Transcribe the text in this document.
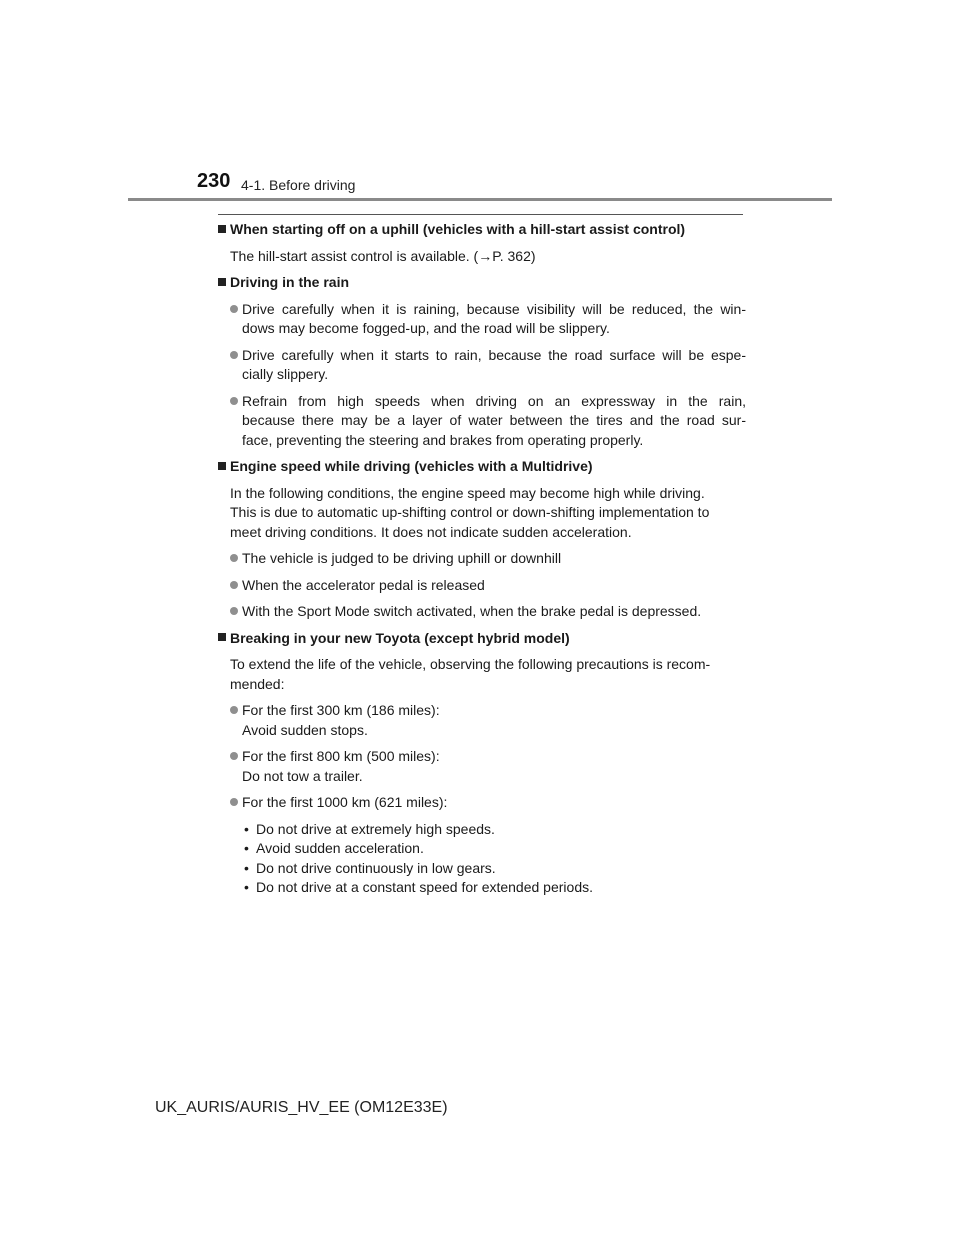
230 4-1. Before driving

When starting off on a uphill (vehicles with a hill-start assist control)

The hill-start assist control is available. (→P. 362)

Driving in the rain

Drive carefully when it is raining, because visibility will be reduced, the win-
dows may become fogged-up, and the road will be slippery.
Drive carefully when it starts to rain, because the road surface will be espe-
cially slippery.
Refrain from high speeds when driving on an expressway in the rain,
because there may be a layer of water between the tires and the road sur-
face, preventing the steering and brakes from operating properly.

Engine speed while driving (vehicles with a Multidrive)

In the following conditions, the engine speed may become high while driving.
This is due to automatic up-shifting control or down-shifting implementation to
meet driving conditions. It does not indicate sudden acceleration.
The vehicle is judged to be driving uphill or downhill
When the accelerator pedal is released
With the Sport Mode switch activated, when the brake pedal is depressed.

Breaking in your new Toyota (except hybrid model)

To extend the life of the vehicle, observing the following precautions is recom-
mended:
For the first 300 km (186 miles):
Avoid sudden stops.
For the first 800 km (500 miles):
Do not tow a trailer.
For the first 1000 km (621 miles):
• Do not drive at extremely high speeds.
• Avoid sudden acceleration.
• Do not drive continuously in low gears.
• Do not drive at a constant speed for extended periods.
UK_AURIS/AURIS_HV_EE (OM12E33E)
